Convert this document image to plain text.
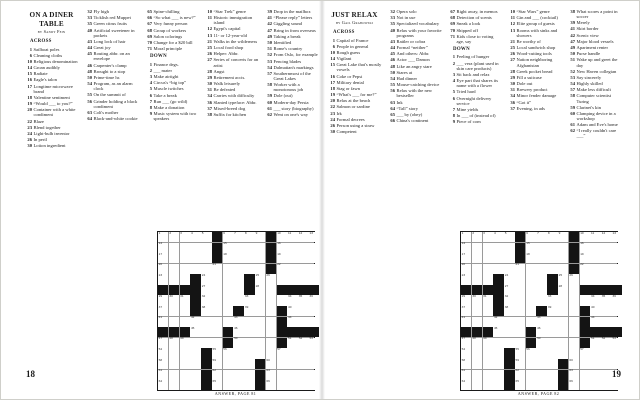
ON A DINER
TABLE
by Sandy Fein
ACROSS
1 Sailboat poles
6 Cleaning cloths
10 Religious denomination
14 Groan audibly
15 Radiate
16 Eagle's talon
17 Longtime microwave brand
18 Valentine sentiment
19 “Would ___ to you?”
20 Container with a white condiment
22 Blaze
23 Blend together
24 Light-bulb inventor
26 In peril
30 Lotion ingredient
32 Fly high
33 Ticklish red Muppet
35 Green citrus fruits
40 Artificial sweetener in packets
43 Long lock of hair
44 Great joy
45 Routing abbr. on an envelope
46 Carpenter's clamp
48 Brought to a stop
50 Prime-time hr.
54 Program, as an alarm clock
55 On the summit of
56 Grinder holding a black condiment
63 Colt's mother
64 Black-and-white cookie
65 Spine-chilling
66 “So what ___ is new?”
67 Very funny person
68 Group of workers
69 Salon colorings
70 Change for a $20 bill
71 Moral principle
DOWN
1 Finance degs.
2 ___ mater
3 Make airtight
4 Circus's “big top”
5 Muscle twitches
6 Take a break
7 Run ___ (go wild)
8 Make a donation
9 Music system with two speakers
10 “Star Trek” genre
11 Historic immigration island
12 Egypt's capital
13 11- or 12-year-old
21 Walks in the wilderness
25 Local food shop
26 Helper: Abbr.
27 Series of concerts for an artist
28 Angst
29 Retirement accts.
30 Walk leisurely
31 Be defeated
34 Carries with difficulty
36 Slanted typeface: Abbr.
37 Mixed-breed dog
38 Suffix for kitchen
39 Drop in the mailbox
41 “Please reply” letters
42 Giggling sound
47 Bring in from overseas
49 Taking a break
50 Identified
51 Rome's country
52 From Oslo, for example
53 Fencing blades
54 Dalmatian's markings
57 Southernmost of the Great Lakes
58 Worker with a monotonous job
59 Dole (out)
60 Modern-day Persia
61 ___ story (biography)
62 Went on one's way
1	2	3	4	5	6	7	8	9	10 11 12 13
14	15	16
17	18	19
20	21	22
23	24	25 26
27	28
29 30 31	32	33	34 35 36
37	38	39	40
41	42	43	44
45	46
47 48 49	50	51 52 53
54	55 56	57
58	59	60
61	62	63
64	65	66
ANSWER, PAGE 81
18
JUST RELAX
by Gail Grabowski
ACROSS
1 Capital of France
6 People in general
10 Rough guess
14 Vigilant
15 Great Lake that's mostly vowels
16 Coke or Pepsi
17 Military denial
18 Stag or fawn
19 “What's ___ for me?”
20 Relax at the beach
22 Salmon or sardine
23 Irk
24 Formal decrees
26 Person using a straw
30 Competent
32 Opera solo
33 Not in use
35 Specialized vocabulary
40 Relax with your favorite programs
43 Rattler or cobra
44 Formal “neither”
45 And others: Abbr.
46 Actor ___ Damon
48 Like an angry stare
50 Stares at
54 Had dinner
55 Mouse-catching device
56 Relax with the new bestseller
63 Ink
64 “Tall” story
65 ___ by (obey)
66 China's continent
67 Right away, in memos
68 Detection of scents
69 Sneak a look
70 Shipped off
71 Kids close to voting age, say
DOWN
1 Feeling of hunger
2 ___ vera (plant used in skin care products)
3 Sit back and relax
4 Eye part that shares its name with a flower
5 Tried hard
6 Overnight delivery service
7 Mine yields
8 In ___ of (instead of)
9 Piece of corn
10 “Star Wars” genre
11 Gin and ___ (cocktail)
12 Elite group of guests
13 Rooms with sinks and showers
21 Be worthy of
25 Local sandwich shop
26 Wood-cutting tools
27 Nation neighboring Afghanistan
28 Greek pocket bread
29 Fill a suitcase
30 Dole out
31 Brewery product
34 Minor fender damage
36 “Got it”
37 Evening, in ads
38 What scores a point in soccer
39 Merely
41 Skirt border
42 Scenic view
47 Major blood vessels
49 Apartment renter
50 Purse handle
51 Wake up and greet the day
52 New Haven collegian
53 Say sincerely
54 Highly skilled
57 Make less difficult
58 Computer scientist Turing
59 Clarinet's kin
60 Clamping device in a workshop
61 Adam and Eve's home
62 “I really couldn't care ___”
1	2	3	4	5	6	7	8	9	10 11 12 13
14	15	16
17	18	19
20	21	22
23	24	25 26
27	28
29 30 31	32	33	34 35 36
37	38	39	40
41	42	43	44
45	46
47 48 49	50	51 52 53
54	55 56	57
58	59	60
61	62	63
64	65	66
ANSWER, PAGE 82
19
